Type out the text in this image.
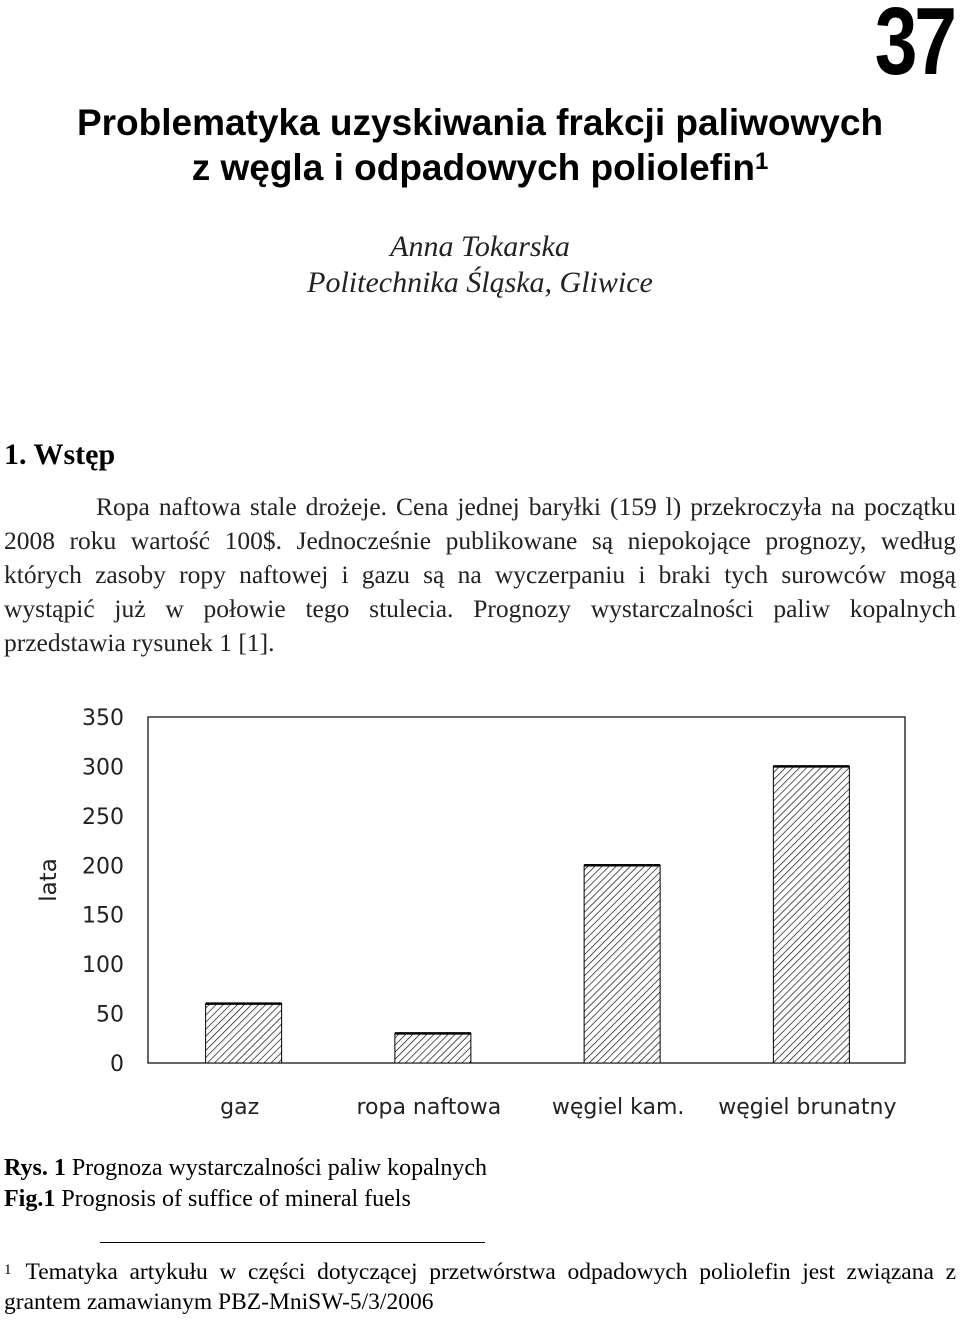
37
Problematyka uzyskiwania frakcji paliwowych
z węgla i odpadowych poliolefin$^1$
Anna Tokarska
Politechnika Śląska, Gliwice
1. Wstęp

Ropa naftowa stale drożeje. Cena jednej baryłki (159 l) przekroczyła na początku 2008 roku wartość 100$. Jednocześnie publikowane są niepokojące prognozy, według których zasoby ropy naftowej i gazu są na wyczerpaniu i braki tych surowców mogą wystąpić już w połowie tego stulecia. Prognozy wystarczalności paliw kopalnych przedstawia rysunek 1 [1].

0
50
100
150
200
250
300
350
gaz	ropa naftowa węgiel kam. węgiel brunatny
lata
Rys. 1 Prognoza wystarczalności paliw kopalnych
Fig.1 Prognosis of suffice of mineral fuels

$^1$ Tematyka artykułu w części dotyczącej przetwórstwa odpadowych poliolefin jest związana z grantem zamawianym PBZ-MniSW-5/3/2006
